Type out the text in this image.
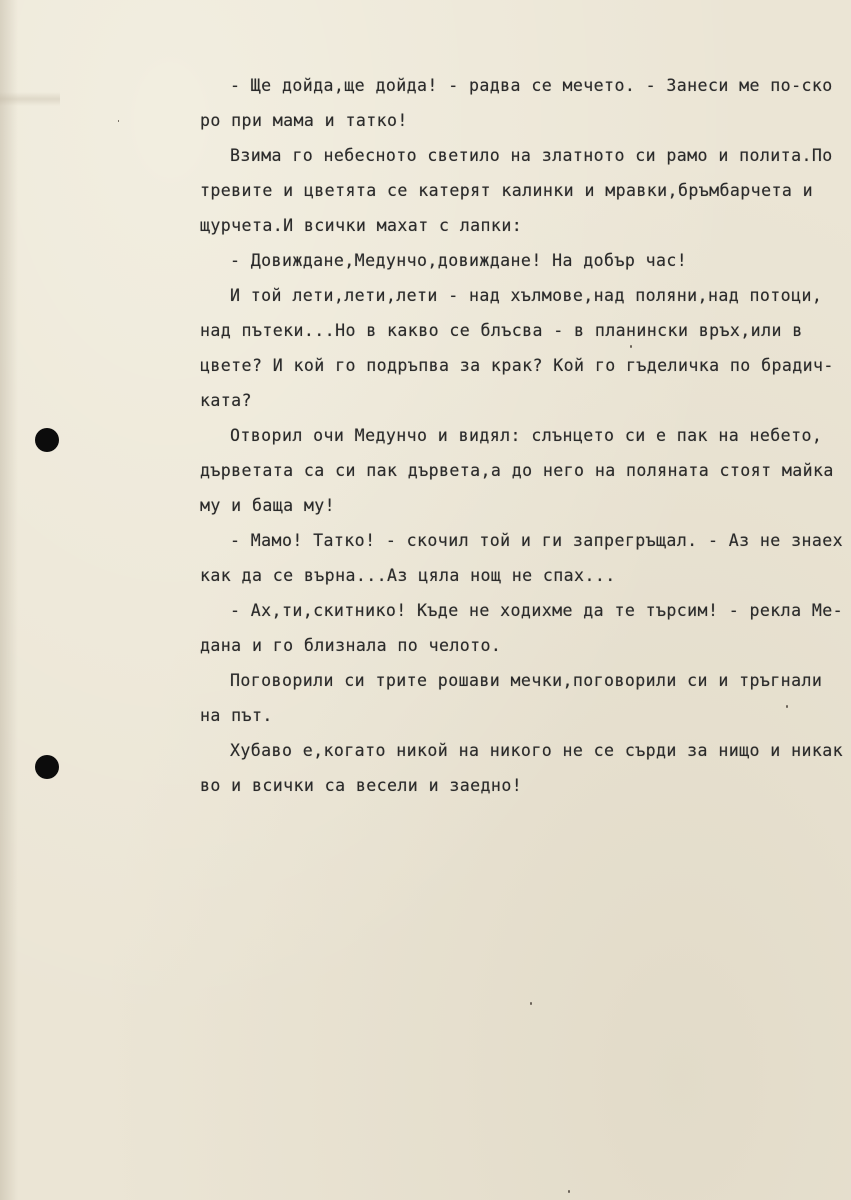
- Ще дойда,ще дойда! - радва се мечето. - Занеси ме по-ско
ро при мама и татко!
Взима го небесното светило на златното си рамо и полита.По
тревите и цветята се катерят калинки и мравки,бръмбарчета и
щурчета.И всички махат с лапки:
- Довиждане,Медунчо,довиждане! На добър час!
И той лети,лети,лети - над хълмове,над поляни,над потоци,
над пътеки...Но в какво се блъсва - в планински връх,или в
цвете? И кой го подръпва за крак? Кой го гъделичка по брадич-
ката?
Отворил очи Медунчо и видял: слънцето си е пак на небето,
дърветата са си пак дървета,а до него на поляната стоят майка
му и баща му!
- Мамо! Татко! - скочил той и ги запрегръщал. - Аз не знаех
как да се върна...Аз цяла нощ не спах...
- Ах,ти,скитнико! Къде не ходихме да те търсим! - рекла Ме-
дана и го близнала по челото.
Поговорили си трите рошави мечки,поговорили си и тръгнали
на път.
Хубаво е,когато никой на никого не се сърди за нищо и никак
во и всички са весели и заедно!
